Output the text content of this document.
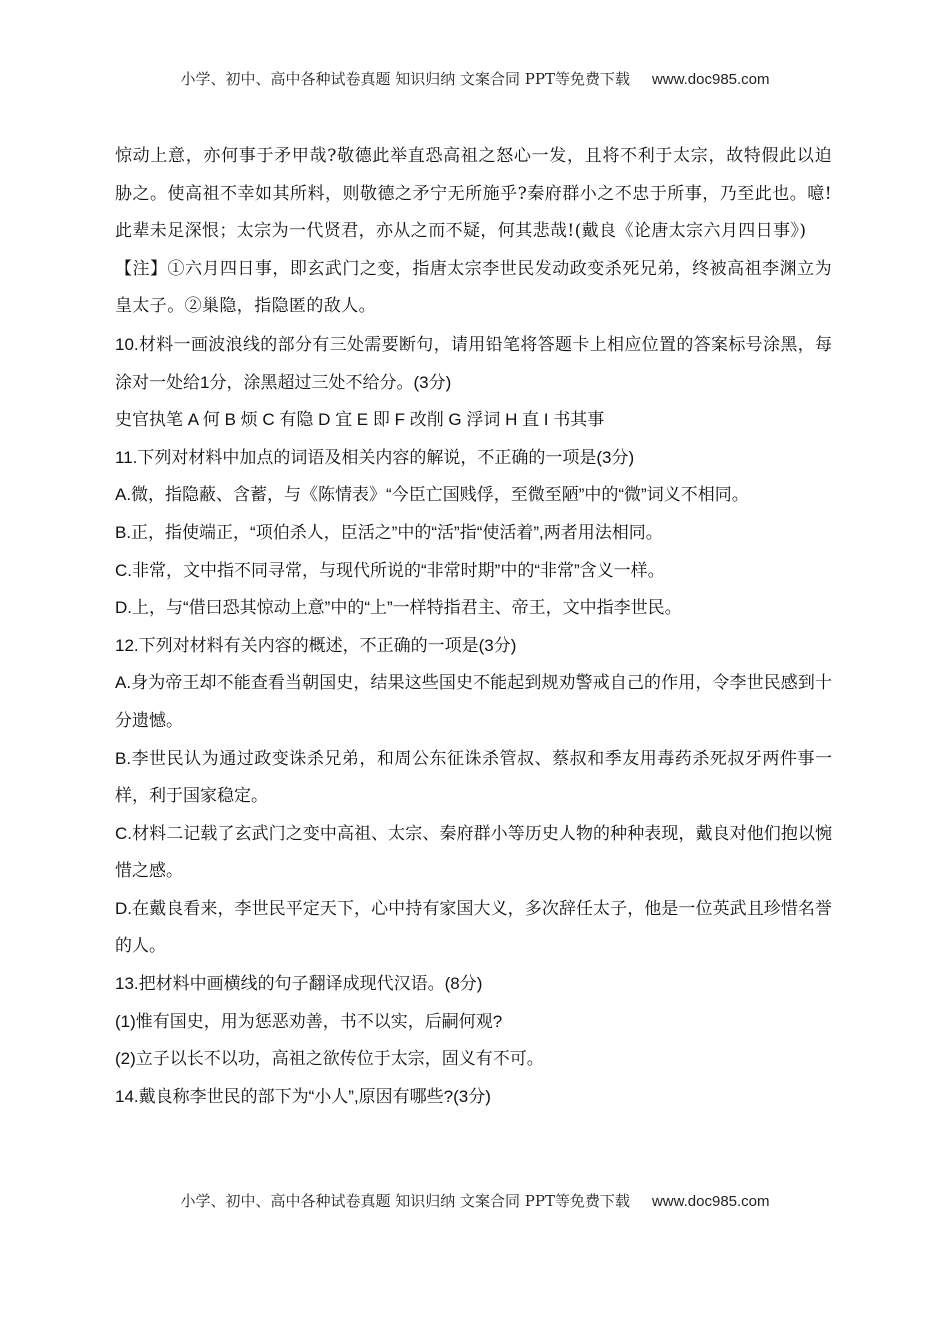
小学、初中、高中各种试卷真题 知识归纳 文案合同 PPT等免费下载 www.doc985.com

惊动上意，亦何事于矛甲哉?敬德此举直恐高祖之怒心一发，且将不利于太宗，故特假此以迫胁之。使高祖不幸如其所料，则敬德之矛宁无所施乎?秦府群小之不忠于所事，乃至此也。噫!此辈未足深恨；太宗为一代贤君，亦从之而不疑，何其悲哉!(戴良《论唐太宗六月四日事》)

【注】①六月四日事，即玄武门之变，指唐太宗李世民发动政变杀死兄弟，终被高祖李渊立为皇太子。②巢隐，指隐匿的敌人。

10.材料一画波浪线的部分有三处需要断句，请用铅笔将答题卡上相应位置的答案标号涂黑，每涂对一处给1分，涂黑超过三处不给分。(3分)

史官执笔 A 何 B 烦 C 有隐 D 宜 E 即 F 改削 G 浮词 H 直 I 书其事

11.下列对材料中加点的词语及相关内容的解说，不正确的一项是(3分)

A.微，指隐蔽、含蓄，与《陈情表》“今臣亡国贱俘，至微至陋”中的“微”词义不相同。

B.正，指使端正，“项伯杀人，臣活之”中的“活”指“使活着”,两者用法相同。

C.非常，文中指不同寻常，与现代所说的“非常时期”中的“非常”含义一样。

D.上，与“借曰恐其惊动上意”中的“上”一样特指君主、帝王，文中指李世民。

12.下列对材料有关内容的概述，不正确的一项是(3分)

A.身为帝王却不能查看当朝国史，结果这些国史不能起到规劝警戒自己的作用，令李世民感到十分遗憾。

B.李世民认为通过政变诛杀兄弟，和周公东征诛杀管叔、蔡叔和季友用毒药杀死叔牙两件事一样，利于国家稳定。

C.材料二记载了玄武门之变中高祖、太宗、秦府群小等历史人物的种种表现，戴良对他们抱以惋惜之感。

D.在戴良看来，李世民平定天下，心中持有家国大义，多次辞任太子，他是一位英武且珍惜名誉的人。

13.把材料中画横线的句子翻译成现代汉语。(8分)

(1)惟有国史，用为惩恶劝善，书不以实，后嗣何观?

(2)立子以长不以功，高祖之欲传位于太宗，固义有不可。

14.戴良称李世民的部下为“小人”,原因有哪些?(3分)

小学、初中、高中各种试卷真题 知识归纳 文案合同 PPT等免费下载 www.doc985.com
